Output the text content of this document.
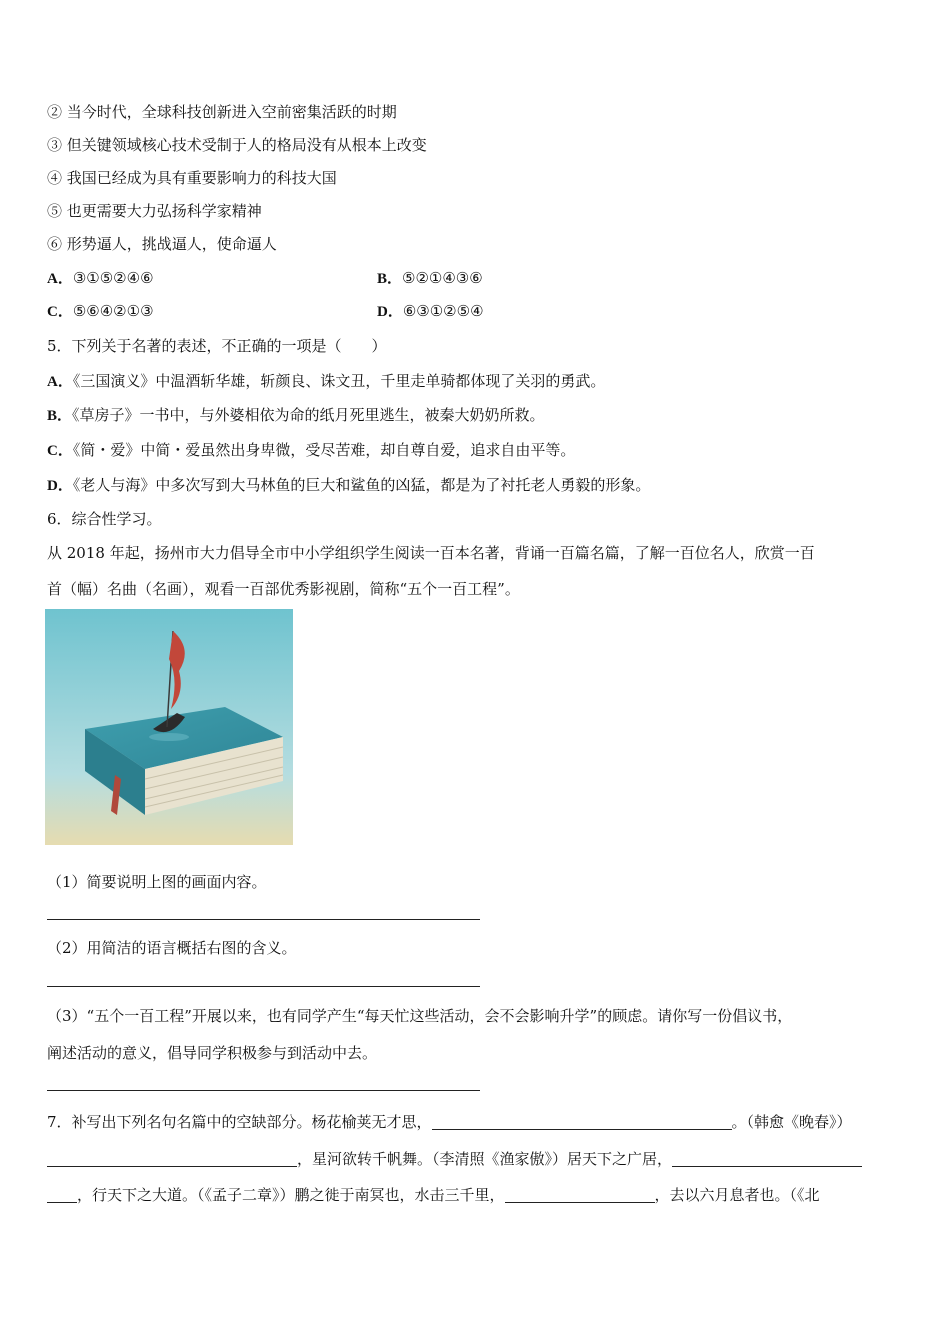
② 当今时代，全球科技创新进入空前密集活跃的时期
③ 但关键领域核心技术受制于人的格局没有从根本上改变
④ 我国已经成为具有重要影响力的科技大国
⑤ 也更需要大力弘扬科学家精神
⑥ 形势逼人，挑战逼人，使命逼人
A．③①⑤②④⑥	B．⑤②①④③⑥
C．⑤⑥④②①③	D．⑥③①②⑤④
5．下列关于名著的表述，不正确的一项是（　　）
A．《三国演义》中温酒斩华雄，斩颜良、诛文丑，千里走单骑都体现了关羽的勇武。
B．《草房子》一书中，与外婆相依为命的纸月死里逃生，被秦大奶奶所救。
C．《简・爱》中简・爱虽然出身卑微，受尽苦难，却自尊自爱，追求自由平等。
D．《老人与海》中多次写到大马林鱼的巨大和鲨鱼的凶猛，都是为了衬托老人勇毅的形象。
6．综合性学习。
从 2018 年起，扬州市大力倡导全市中小学组织学生阅读一百本名著，背诵一百篇名篇，了解一百位名人，欣赏一百
首（幅）名曲（名画），观看一百部优秀影视剧，简称“五个一百工程”。
（1）简要说明上图的画面内容。
（2）用简洁的语言概括右图的含义。
（3）“五个一百工程”开展以来，也有同学产生“每天忙这些活动，会不会影响升学”的顾虑。请你写一份倡议书，
阐述活动的意义，倡导同学积极参与到活动中去。
7．补写出下列名句名篇中的空缺部分。杨花榆荚无才思，	。（韩愈《晚春》）
，星河欲转千帆舞。（李清照《渔家傲》）居天下之广居，
，行天下之大道。（《孟子二章》）鹏之徙于南冥也，水击三千里，	，去以六月息者也。（《北
